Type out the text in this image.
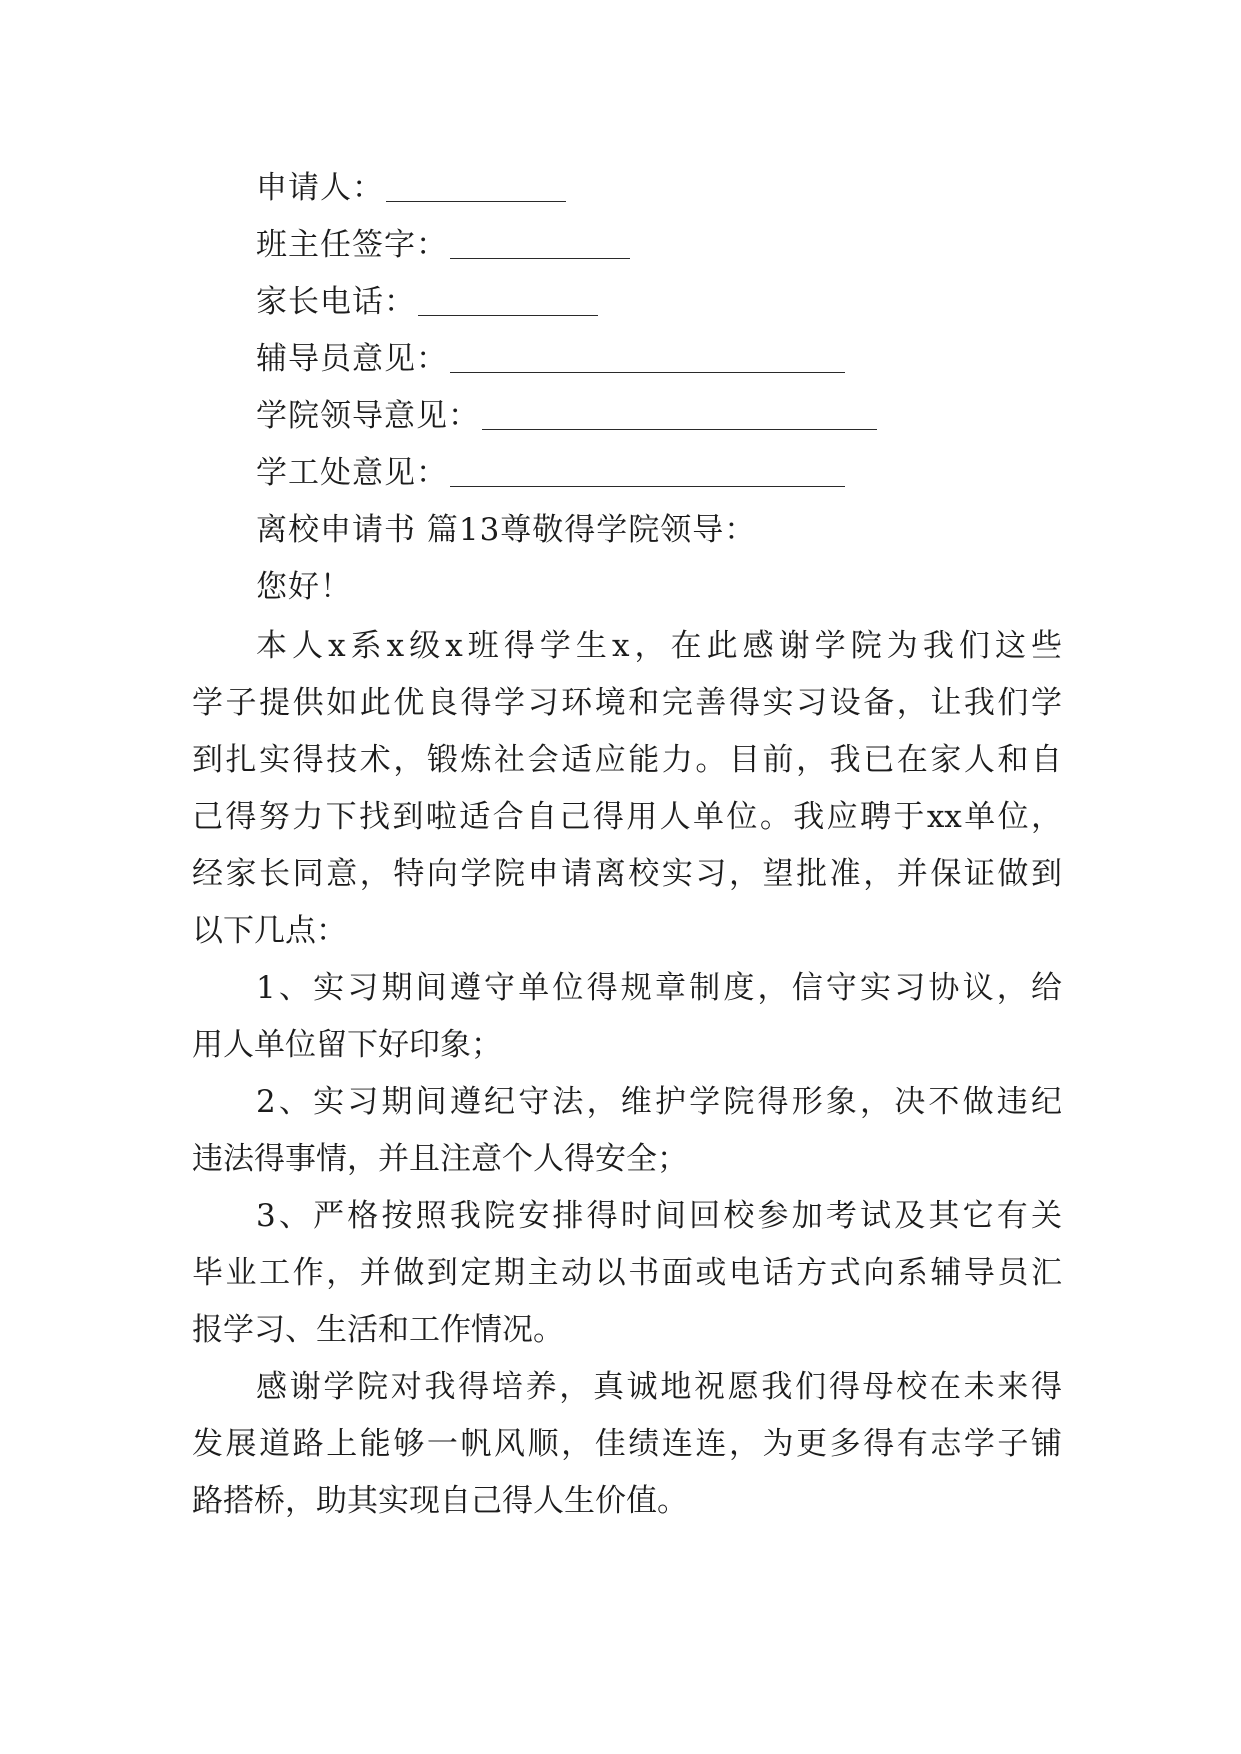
申请人：
班主任签字：
家长电话：
辅导员意见：
学院领导意见：
学工处意见：
离校申请书 篇13尊敬得学院领导：
您好！
本人x系x级x班得学生x，在此感谢学院为我们这些
学子提供如此优良得学习环境和完善得实习设备，让我们学
到扎实得技术，锻炼社会适应能力。目前，我已在家人和自
己得努力下找到啦适合自己得用人单位。我应聘于xx单位，
经家长同意，特向学院申请离校实习，望批准，并保证做到
以下几点：
1、实习期间遵守单位得规章制度，信守实习协议，给
用人单位留下好印象；
2、实习期间遵纪守法，维护学院得形象，决不做违纪
违法得事情，并且注意个人得安全；
3、严格按照我院安排得时间回校参加考试及其它有关
毕业工作，并做到定期主动以书面或电话方式向系辅导员汇
报学习、生活和工作情况。
感谢学院对我得培养，真诚地祝愿我们得母校在未来得
发展道路上能够一帆风顺，佳绩连连，为更多得有志学子铺
路搭桥，助其实现自己得人生价值。
